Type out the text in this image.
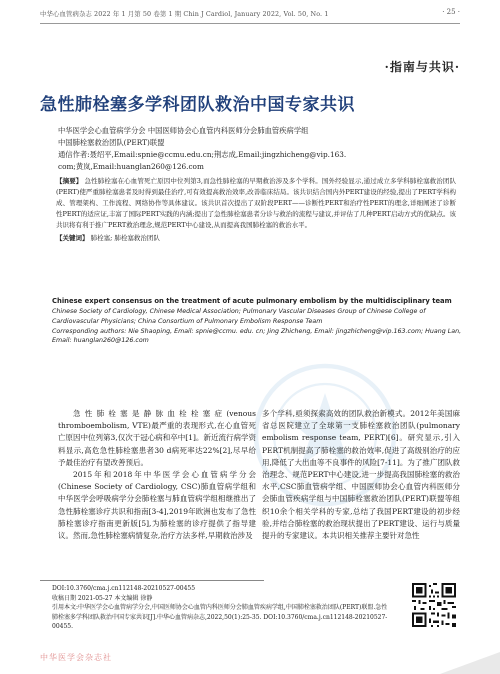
中华心血管病杂志 2022 年 1 月第 50 卷第 1 期 Chin J Cardiol, January 2022, Vol. 50, No. 1	· 25 ·
·指南与共识·
急性肺栓塞多学科团队救治中国专家共识

中华医学会心血管病学分会 中国医师协会心血管内科医师分会肺血管疾病学组

中国肺栓塞救治团队(PERT)联盟

通信作者:聂绍平,Email:spnie@ccmu.edu.cn;荆志成,Email:jingzhicheng@vip.163.

com;黄岚,Email:huanglan260@126.com

【摘要】 急性肺栓塞在心血管死亡原因中位列第3,而急性肺栓塞的早期救治涉及多个学科。国外经验显示,通过成立多学科肺栓塞救治团队(PERT)使严重肺栓塞患者及时得到最佳治疗,可有效提高救治效率,改善临床结局。该共识结合国内外PERT建设的经验,提出了PERT学科构成、管理架构、工作流程、网络协作等具体建议。该共识首次提出了双阶段PERT——诊断性PERT和治疗性PERT的理念,详细阐述了诊断性PERT的适应证,丰富了国际PERT实践的内涵;提出了急性肺栓塞患者分诊与救治的流程与建议,并评估了几种PERT启动方式的优缺点。该共识将有利于推广PERT救治理念,规范PERT中心建设,从而提高我国肺栓塞的救治水平。

【关键词】 肺栓塞; 肺栓塞救治团队

Chinese expert consensus on the treatment of acute pulmonary embolism by the multidisciplinary team

Chinese Society of Cardiology, Chinese Medical Association; Pulmonary Vascular Diseases Group of Chinese College of Cardiovascular Physicians; China Consortium of Pulmonary Embolism Response Team

Corresponding authors: Nie Shaoping, Email: spnie@ccmu. edu. cn; Jing Zhicheng, Email: jingzhicheng@vip.163.com; Huang Lan, Email: huanglan260@126.com

急性肺栓塞是静脉血栓栓塞症(venous thromboembolism, VTE)最严重的表现形式,在心血管死亡原因中位列第3,仅次于冠心病和卒中[1]。新近流行病学资料显示,高危急性肺栓塞患者30 d病死率达22%[2],尽早给予最佳治疗有望改善预后。

2015年和2018年中华医学会心血管病学分会(Chinese Society of Cardiology, CSC)肺血管病学组和中华医学会呼吸病学分会肺栓塞与肺血管病学组相继推出了急性肺栓塞诊疗共识和指南[3-4],2019年欧洲也发布了急性肺栓塞诊疗指南更新版[5],为肺栓塞的诊疗提供了指导建议。然而,急性肺栓塞病情复杂,治疗方法多样,早期救治涉及

多个学科,亟须探索高效的团队救治新模式。2012年美国麻省总医院建立了全球第一支肺栓塞救治团队(pulmonary embolism response team, PERT)[6]。研究显示,引入PERT机制提高了肺栓塞的救治效率,促进了高级别治疗的应用,降低了大出血等不良事件的风险[7-11]。为了推广团队救治理念、规范PERT中心建设,进一步提高我国肺栓塞的救治水平,CSC肺血管病学组、中国医师协会心血管内科医师分会肺血管疾病学组与中国肺栓塞救治团队(PERT)联盟等组织10余个相关学科的专家,总结了我国PERT建设的初步经验,并结合肺栓塞的救治现状提出了PERT建设、运行与质量提升的专家建议。本共识相关推荐主要针对急性

DOI:10.3760/cma.j.cn112148-20210527-00455

收稿日期 2021-05-27 本文编辑 徐静

引用本文:中华医学会心血管病学分会,中国医师协会心血管内科医师分会肺血管疾病学组,中国肺栓塞救治团队(PERT)联盟.急性肺栓塞多学科团队救治中国专家共识[J].中华心血管病杂志,2022,50(1):25-35. DOI:10.3760/cma.j.cn112148-20210527-00455.

中华医学会杂志社
